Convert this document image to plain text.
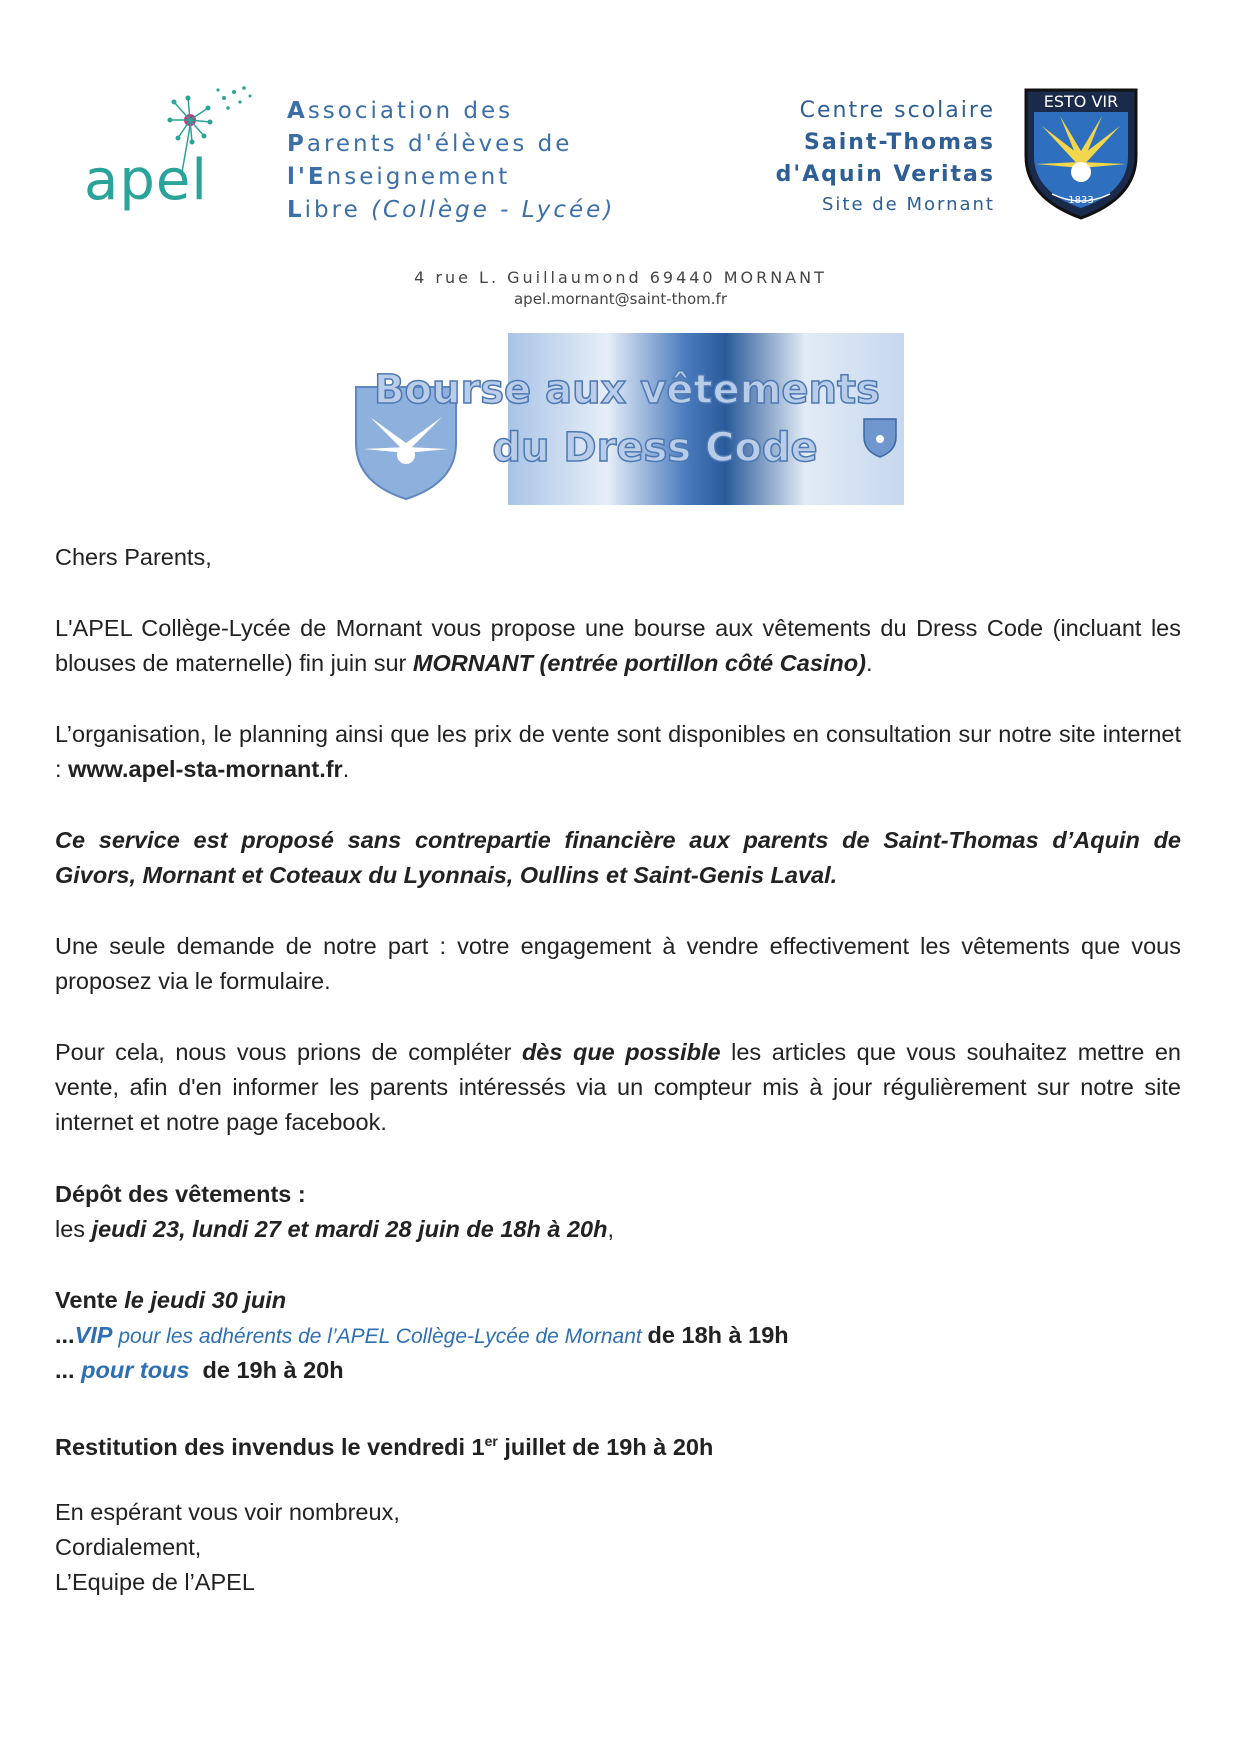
apel
Association des
Parents d'élèves de
l'Enseignement
Libre (Collège - Lycée)
Centre scolaire
Saint-Thomas
d'Aquin Veritas
Site de Mornant
ESTO VIR
1833
4 rue L. Guillaumond 69440 MORNANT
apel.mornant@saint-thom.fr
Bourse aux vêtements
du Dress Code
Chers Parents,
L'APEL Collège-Lycée de Mornant vous propose une bourse aux vêtements du Dress Code (incluant les blouses de maternelle) fin juin sur MORNANT (entrée portillon côté Casino).
L’organisation, le planning ainsi que les prix de vente sont disponibles en consultation sur notre site internet : www.apel-sta-mornant.fr.
Ce service est proposé sans contrepartie financière aux parents de Saint-Thomas d’Aquin de Givors, Mornant et Coteaux du Lyonnais, Oullins et Saint-Genis Laval.
Une seule demande de notre part : votre engagement à vendre effectivement les vêtements que vous proposez via le formulaire.
Pour cela, nous vous prions de compléter dès que possible les articles que vous souhaitez mettre en vente, afin d'en informer les parents intéressés via un compteur mis à jour régulièrement sur notre site internet et notre page facebook.
Dépôt des vêtements :
les jeudi 23, lundi 27 et mardi 28 juin de 18h à 20h,
Vente le jeudi 30 juin
...VIP pour les adhérents de l’APEL Collège-Lycée de Mornant de 18h à 19h
... pour tous  de 19h à 20h
Restitution des invendus le vendredi 1er juillet de 19h à 20h
En espérant vous voir nombreux,
Cordialement,
L’Equipe de l’APEL
